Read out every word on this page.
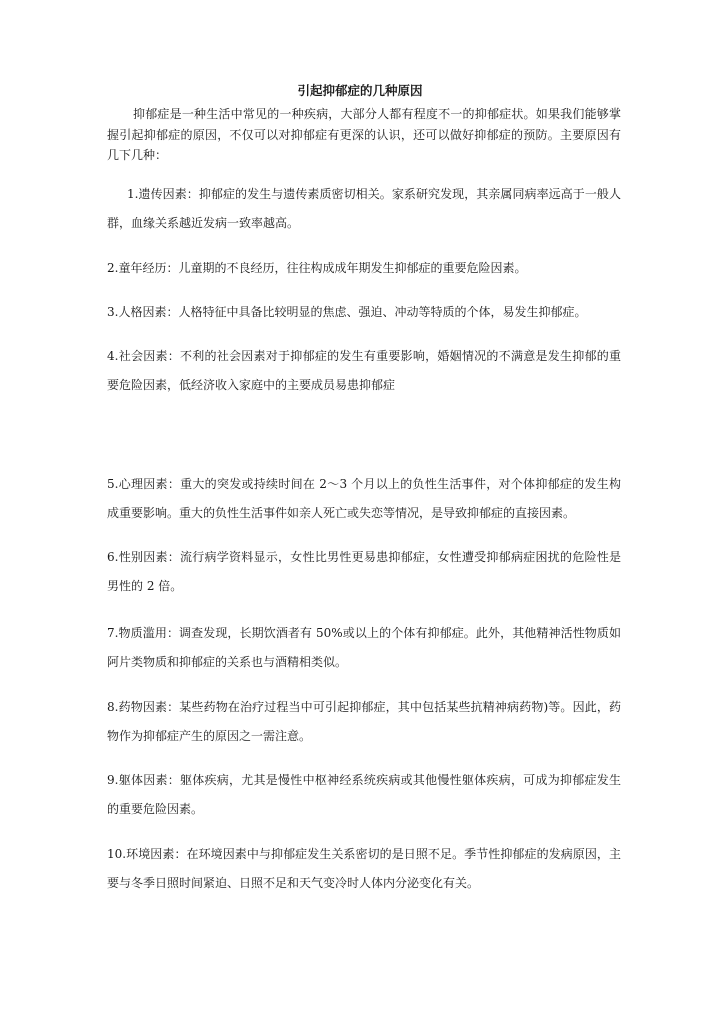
引起抑郁症的几种原因
抑郁症是一种生活中常见的一种疾病，大部分人都有程度不一的抑郁症状。如果我们能够掌握引起抑郁症的原因，不仅可以对抑郁症有更深的认识，还可以做好抑郁症的预防。主要原因有几下几种：
1.遗传因素：抑郁症的发生与遗传素质密切相关。家系研究发现，其亲属同病率远高于一般人群，血缘关系越近发病一致率越高。
2.童年经历：儿童期的不良经历，往往构成成年期发生抑郁症的重要危险因素。
3.人格因素：人格特征中具备比较明显的焦虑、强迫、冲动等特质的个体，易发生抑郁症。
4.社会因素：不利的社会因素对于抑郁症的发生有重要影响，婚姻情况的不满意是发生抑郁的重要危险因素，低经济收入家庭中的主要成员易患抑郁症
5.心理因素：重大的突发或持续时间在 2～3 个月以上的负性生活事件，对个体抑郁症的发生构成重要影响。重大的负性生活事件如亲人死亡或失恋等情况，是导致抑郁症的直接因素。
6.性别因素：流行病学资料显示，女性比男性更易患抑郁症，女性遭受抑郁病症困扰的危险性是男性的 2 倍。
7.物质滥用：调查发现，长期饮酒者有 50%或以上的个体有抑郁症。此外，其他精神活性物质如阿片类物质和抑郁症的关系也与酒精相类似。
8.药物因素：某些药物在治疗过程当中可引起抑郁症，其中包括某些抗精神病药物)等。因此，药物作为抑郁症产生的原因之一需注意。
9.躯体因素：躯体疾病，尤其是慢性中枢神经系统疾病或其他慢性躯体疾病，可成为抑郁症发生的重要危险因素。
10.环境因素：在环境因素中与抑郁症发生关系密切的是日照不足。季节性抑郁症的发病原因，主要与冬季日照时间紧迫、日照不足和天气变冷时人体内分泌变化有关。
